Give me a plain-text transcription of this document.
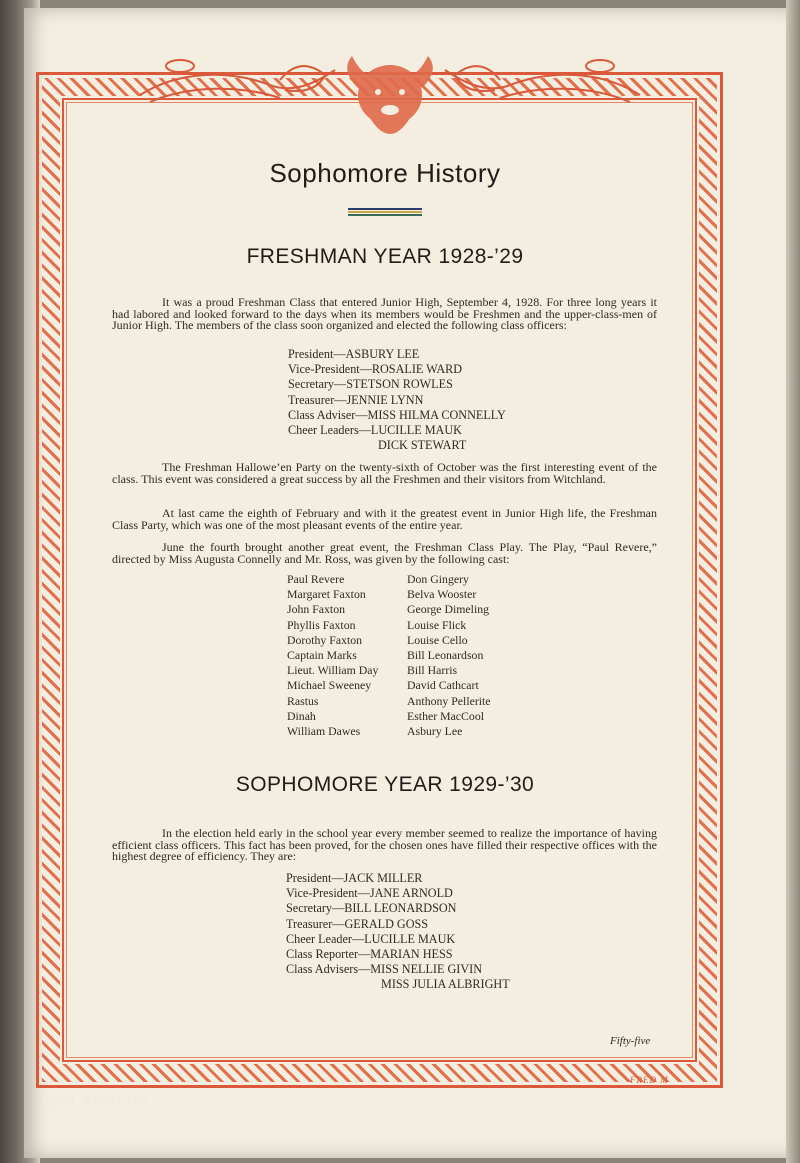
Sophomore History
FRESHMAN YEAR 1928-’29
It was a proud Freshman Class that entered Junior High, September 4, 1928. For three long years it had labored and looked forward to the days when its members would be Freshmen and the upper-class-men of Junior High. The members of the class soon organized and elected the following class officers:
President—ASBURY LEE
Vice-President—ROSALIE WARD
Secretary—STETSON ROWLES
Treasurer—JENNIE LYNN
Class Adviser—MISS HILMA CONNELLY
Cheer Leaders—LUCILLE MAUK
DICK STEWART
The Freshman Hallowe’en Party on the twenty-sixth of October was the first interesting event of the class. This event was considered a great success by all the Freshmen and their visitors from Witchland.
At last came the eighth of February and with it the greatest event in Junior High life, the Freshman Class Party, which was one of the most pleasant events of the entire year.
June the fourth brought another great event, the Freshman Class Play. The Play, “Paul Revere,” directed by Miss Augusta Connelly and Mr. Ross, was given by the following cast:
Paul Revere	Don Gingery
Margaret Faxton	Belva Wooster
John Faxton	George Dimeling
Phyllis Faxton	Louise Flick
Dorothy Faxton	Louise Cello
Captain Marks	Bill Leonardson
Lieut. William Day	Bill Harris
Michael Sweeney	David Cathcart
Rastus	Anthony Pellerite
Dinah	Esther MacCool
William Dawes	Asbury Lee
SOPHOMORE YEAR 1929-’30
In the election held early in the school year every member seemed to realize the importance of having efficient class officers. This fact has been proved, for the chosen ones have filled their respective offices with the highest degree of efficiency. They are:
President—JACK MILLER
Vice-President—JANE ARNOLD
Secretary—BILL LEONARDSON
Treasurer—GERALD GOSS
Cheer Leader—LUCILLE MAUK
Class Reporter—MARIAN HESS
Class Advisers—MISS NELLIE GIVIN
MISS JULIA ALBRIGHT
Fifty-five
FRED M
USGW Archives
